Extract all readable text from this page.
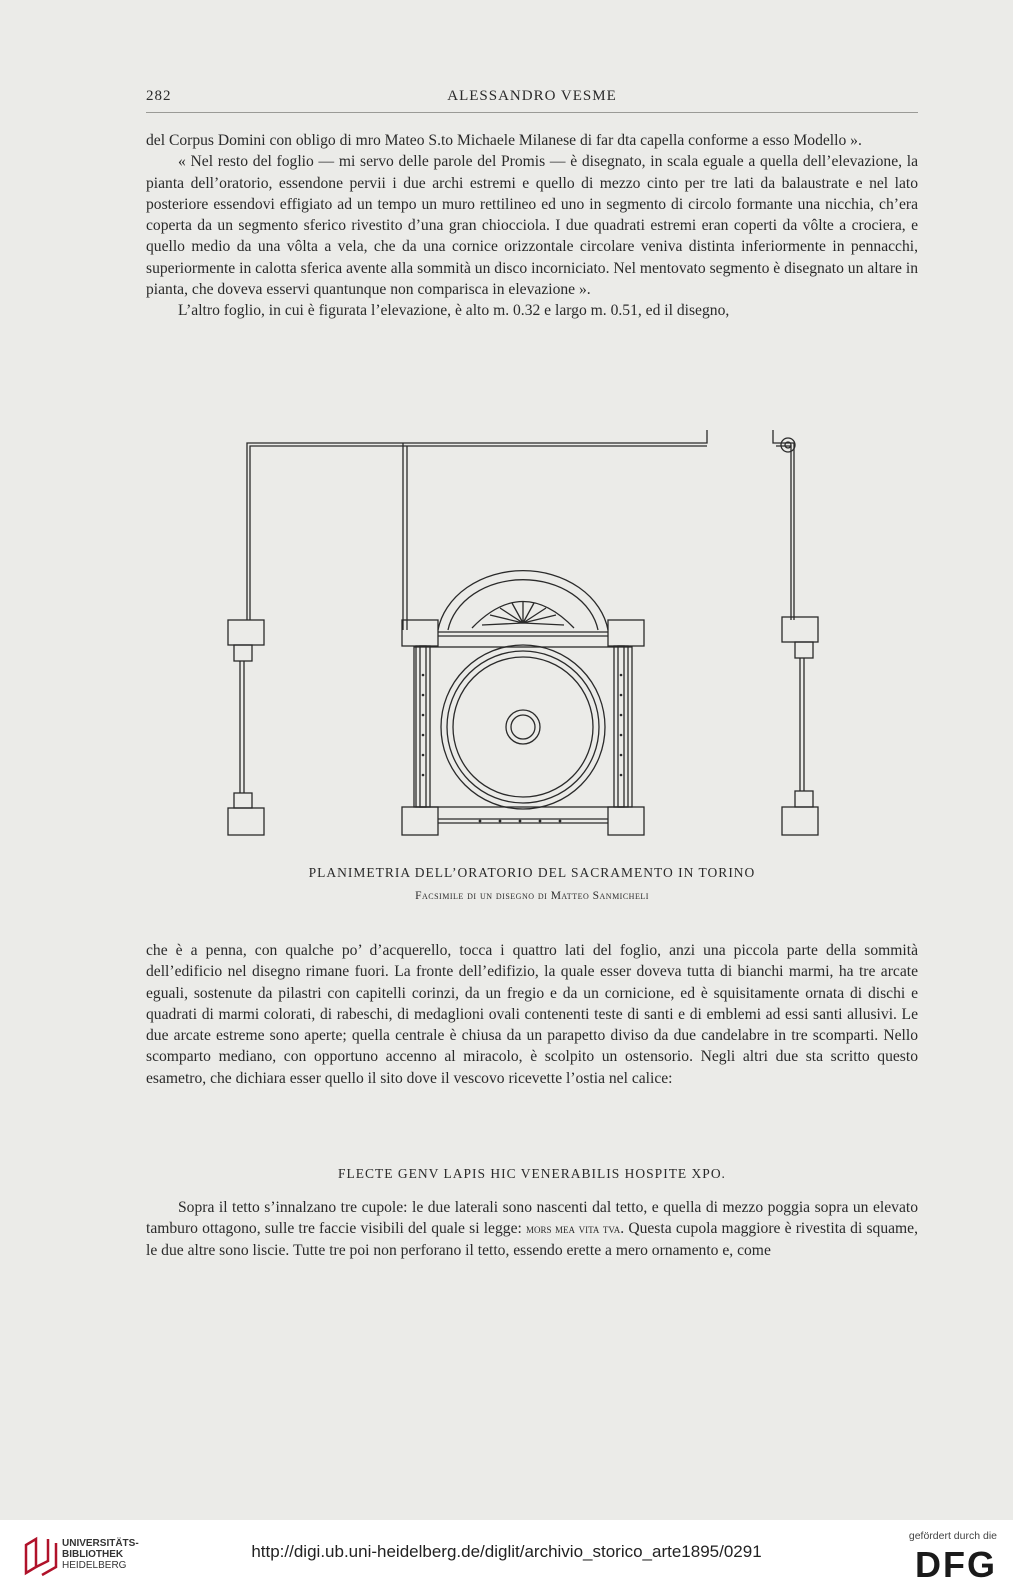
282	ALESSANDRO VESME

del Corpus Domini con obligo di mro Mateo S.to Michaele Milanese di far dta capella conforme a esso Modello ».

« Nel resto del foglio — mi servo delle parole del Promis — è disegnato, in scala eguale a quella dell’elevazione, la pianta dell’oratorio, essendone pervii i due archi estremi e quello di mezzo cinto per tre lati da balaustrate e nel lato posteriore essendovi effigiato ad un tempo un muro rettilineo ed uno in segmento di circolo formante una nicchia, ch’era coperta da un segmento sferico rivestito d’una gran chiocciola. I due quadrati estremi eran coperti da vôlte a crociera, e quello medio da una vôlta a vela, che da una cornice orizzontale circolare veniva distinta inferiormente in pennacchi, superiormente in calotta sferica avente alla sommità un disco incorniciato. Nel mentovato segmento è disegnato un altare in pianta, che doveva esservi quantunque non comparisca in elevazione ».

L’altro foglio, in cui è figurata l’elevazione, è alto m. 0.32 e largo m. 0.51, ed il disegno,

PLANIMETRIA DELL’ORATORIO DEL SACRAMENTO IN TORINO
Facsimile di un disegno di Matteo Sanmicheli

che è a penna, con qualche po’ d’acquerello, tocca i quattro lati del foglio, anzi una piccola parte della sommità dell’edificio nel disegno rimane fuori. La fronte dell’edifizio, la quale esser doveva tutta di bianchi marmi, ha tre arcate eguali, sostenute da pilastri con capitelli corinzi, da un fregio e da un cornicione, ed è squisitamente ornata di dischi e quadrati di marmi colorati, di rabeschi, di medaglioni ovali contenenti teste di santi e di emblemi ad essi santi allusivi. Le due arcate estreme sono aperte; quella centrale è chiusa da un parapetto diviso da due candelabre in tre scomparti. Nello scomparto mediano, con opportuno accenno al miracolo, è scolpito un ostensorio. Negli altri due sta scritto questo esametro, che dichiara esser quello il sito dove il vescovo ricevette l’ostia nel calice:

FLECTE GENV LAPIS HIC VENERABILIS HOSPITE XPO.

Sopra il tetto s’innalzano tre cupole: le due laterali sono nascenti dal tetto, e quella di mezzo poggia sopra un elevato tamburo ottagono, sulle tre faccie visibili del quale si legge: mors mea vita tva. Questa cupola maggiore è rivestita di squame, le due altre sono liscie. Tutte tre poi non perforano il tetto, essendo erette a mero ornamento e, come

UNIVERSITÄTS-
BIBLIOTHEK
HEIDELBERG
http://digi.ub.uni-heidelberg.de/diglit/archivio_storico_arte1895/0291
gefördert durch die
DFG
